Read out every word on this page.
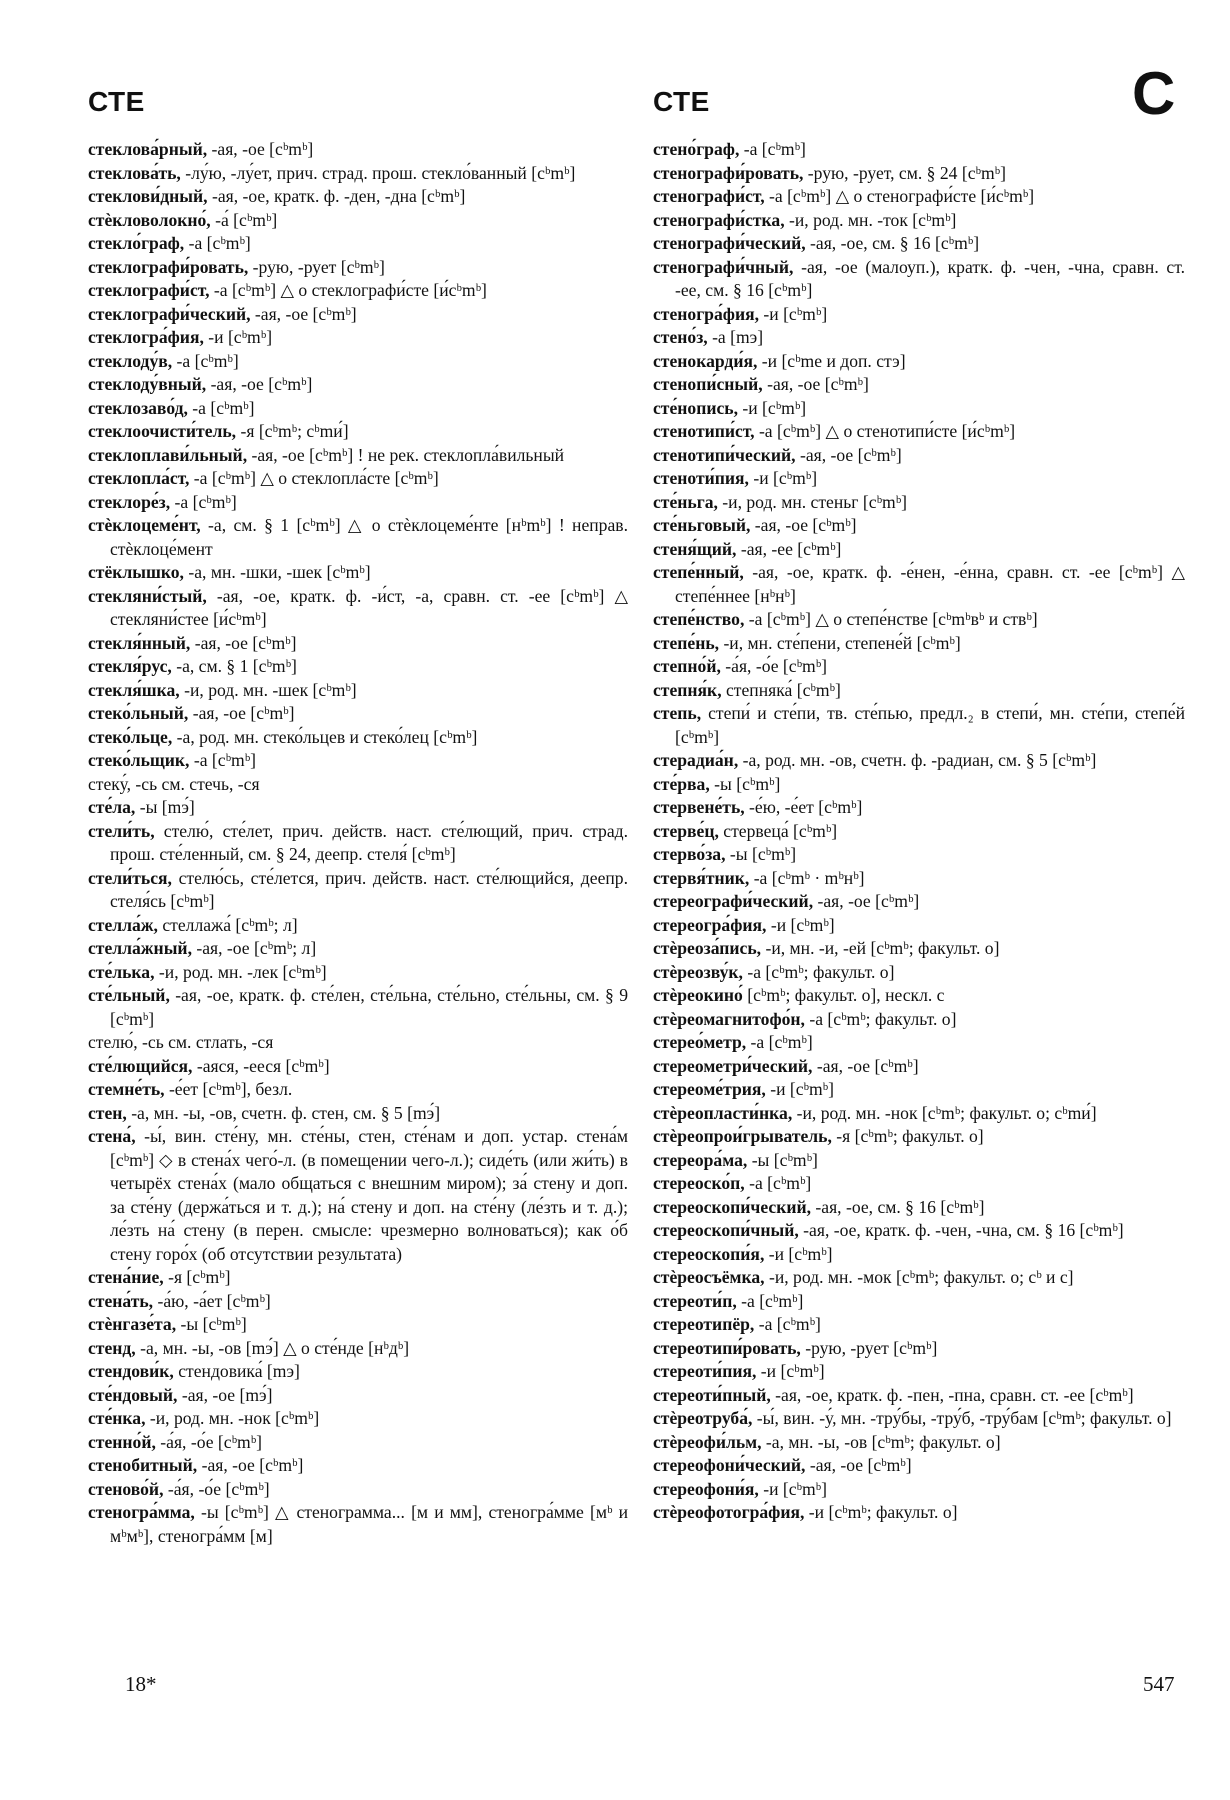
СТЕ	СТЕ	С

стеклова́рный, -ая, -ое [cᵇmᵇ]

стеклова́ть, -лу́ю, -лу́ет, прич. страд. прош. стекло́ванный [cᵇmᵇ]

стеклови́дный, -ая, -ое, кратк. ф. -ден, -дна [cᵇmᵇ]

стѐкловолокно́, -а́ [cᵇmᵇ]

стекло́граф, -а [cᵇmᵇ]

стеклографи́ровать, -рую, -рует [cᵇmᵇ]

стеклографи́ст, -а [cᵇmᵇ] △ о стеклографи́сте [и́cᵇmᵇ]

стеклографи́ческий, -ая, -ое [cᵇmᵇ]

стеклогра́фия, -и [cᵇmᵇ]

стеклоду́в, -а [cᵇmᵇ]

стеклоду́вный, -ая, -ое [cᵇmᵇ]

стеклозаво́д, -а [cᵇmᵇ]

стеклоочисти́тель, -я [cᵇmᵇ; cᵇmи́]

стеклоплави́льный, -ая, -ое [cᵇmᵇ] ! не рек. стеклопла́вильный

стеклопла́ст, -а [cᵇmᵇ] △ о стеклопла́сте [cᵇmᵇ]

стеклоре́з, -а [cᵇmᵇ]

стѐклоцеме́нт, -а, см. § 1 [cᵇmᵇ] △ о стѐклоцеме́нте [нᵇmᵇ] ! неправ. стѐклоце́мент

стёклышко, -а, мн. -шки, -шек [cᵇmᵇ]

стекляни́стый, -ая, -ое, кратк. ф. -и́ст, -а, сравн. ст. -ее [cᵇmᵇ] △ стекляни́стее [и́cᵇmᵇ]

стекля́нный, -ая, -ое [cᵇmᵇ]

стекля́рус, -а, см. § 1 [cᵇmᵇ]

стекля́шка, -и, род. мн. -шек [cᵇmᵇ]

стеко́льный, -ая, -ое [cᵇmᵇ]

стеко́льце, -а, род. мн. стеко́льцев и стеко́лец [cᵇmᵇ]

стеко́льщик, -а [cᵇmᵇ]

стеку́, -сь см. стечь, -ся

сте́ла, -ы [mэ́]

стели́ть, стелю́, сте́лет, прич. действ. наст. сте́лющий, прич. страд. прош. сте́ленный, см. § 24, деепр. стеля́ [cᵇmᵇ]

стели́ться, стелю́сь, сте́лется, прич. действ. наст. сте́лющийся, деепр. стеля́сь [cᵇmᵇ]

стелла́ж, стеллажа́ [cᵇmᵇ; л]

стелла́жный, -ая, -ое [cᵇmᵇ; л]

сте́лька, -и, род. мн. -лек [cᵇmᵇ]

сте́льный, -ая, -ое, кратк. ф. сте́лен, сте́льна, сте́льно, сте́льны, см. § 9 [cᵇmᵇ]

стелю́, -сь см. стлать, -ся

сте́лющийся, -аяся, -ееся [cᵇmᵇ]

стемне́ть, -е́ет [cᵇmᵇ], безл.

стен, -а, мн. -ы, -ов, счетн. ф. стен, см. § 5 [mэ́]

стена́, -ы́, вин. сте́ну, мн. сте́ны, стен, сте́нам и доп. устар. стена́м [cᵇmᵇ] ◇ в стена́х чего́-л. (в помещении чего-л.); сиде́ть (или жи́ть) в четырёх стена́х (мало общаться с внешним миром); за́ стену и доп. за сте́ну (держа́ться и т. д.); на́ стену и доп. на сте́ну (ле́зть и т. д.); ле́зть на́ стену (в перен. смысле: чрезмерно волноваться); как о́б стену горо́х (об отсутствии результата)

стена́ние, -я [cᵇmᵇ]

стена́ть, -а́ю, -а́ет [cᵇmᵇ]

стѐнгазе́та, -ы [cᵇmᵇ]

стенд, -а, мн. -ы, -ов [mэ́] △ о сте́нде [нᵇдᵇ]

стендови́к, стендовика́ [mэ]

сте́ндовый, -ая, -ое [mэ́]

сте́нка, -и, род. мн. -нок [cᵇmᵇ]

стенно́й, -а́я, -о́е [cᵇmᵇ]

стенобитный, -ая, -ое [cᵇmᵇ]

стеново́й, -а́я, -о́е [cᵇmᵇ]

стеногра́мма, -ы [cᵇmᵇ] △ стенограмма... [м и мм], стеногра́мме [мᵇ и мᵇмᵇ], стеногра́мм [м]

стено́граф, -а [cᵇmᵇ]

стенографи́ровать, -рую, -рует, см. § 24 [cᵇmᵇ]

стенографи́ст, -а [cᵇmᵇ] △ о стенографи́сте [и́cᵇmᵇ]

стенографи́стка, -и, род. мн. -ток [cᵇmᵇ]

стенографи́ческий, -ая, -ое, см. § 16 [cᵇmᵇ]

стенографи́чный, -ая, -ое (малоуп.), кратк. ф. -чен, -чна, сравн. ст. -ее, см. § 16 [cᵇmᵇ]

стеногра́фия, -и [cᵇmᵇ]

стено́з, -а [mэ]

стенокарди́я, -и [cᵇmе и доп. стэ]

стенопи́сный, -ая, -ое [cᵇmᵇ]

сте́нопись, -и [cᵇmᵇ]

стенотипи́ст, -а [cᵇmᵇ] △ о стенотипи́сте [и́cᵇmᵇ]

стенотипи́ческий, -ая, -ое [cᵇmᵇ]

стеноти́пия, -и [cᵇmᵇ]

сте́ньга, -и, род. мн. стеньг [cᵇmᵇ]

сте́ньговый, -ая, -ое [cᵇmᵇ]

стеня́щий, -ая, -ее [cᵇmᵇ]

степе́нный, -ая, -ое, кратк. ф. -е́нен, -е́нна, сравн. ст. -ее [cᵇmᵇ] △ степе́ннее [нᵇнᵇ]

степе́нство, -а [cᵇmᵇ] △ о степе́нстве [cᵇmᵇвᵇ и ствᵇ]

степе́нь, -и, мн. сте́пени, степене́й [cᵇmᵇ]

степно́й, -а́я, -о́е [cᵇmᵇ]

степня́к, степняка́ [cᵇmᵇ]

степь, степи́ и сте́пи, тв. сте́пью, предл.₂ в степи́, мн. сте́пи, степе́й [cᵇmᵇ]

стерадиа́н, -а, род. мн. -ов, счетн. ф. -радиан, см. § 5 [cᵇmᵇ]

сте́рва, -ы [cᵇmᵇ]

стервене́ть, -е́ю, -е́ет [cᵇmᵇ]

стерве́ц, стервеца́ [cᵇmᵇ]

стерво́за, -ы [cᵇmᵇ]

стервя́тник, -а [cᵇmᵇ · mᵇнᵇ]

стереографи́ческий, -ая, -ое [cᵇmᵇ]

стереогра́фия, -и [cᵇmᵇ]

стѐреоза́пись, -и, мн. -и, -ей [cᵇmᵇ; факульт. о]

стѐреозву́к, -а [cᵇmᵇ; факульт. о]

стѐреокино́ [cᵇmᵇ; факульт. о], нескл. с

стѐреомагнитофо́н, -а [cᵇmᵇ; факульт. о]

стерео́метр, -а [cᵇmᵇ]

стереометри́ческий, -ая, -ое [cᵇmᵇ]

стереоме́трия, -и [cᵇmᵇ]

стѐреопласти́нка, -и, род. мн. -нок [cᵇmᵇ; факульт. о; cᵇmи́]

стѐреопрои́грыватель, -я [cᵇmᵇ; факульт. о]

стереора́ма, -ы [cᵇmᵇ]

стереоско́п, -а [cᵇmᵇ]

стереоскопи́ческий, -ая, -ое, см. § 16 [cᵇmᵇ]

стереоскопи́чный, -ая, -ое, кратк. ф. -чен, -чна, см. § 16 [cᵇmᵇ]

стереоскопи́я, -и [cᵇmᵇ]

стѐреосъёмка, -и, род. мн. -мок [cᵇmᵇ; факульт. о; cᵇ и с]

стереоти́п, -а [cᵇmᵇ]

стереотипёр, -а [cᵇmᵇ]

стереотипи́ровать, -рую, -рует [cᵇmᵇ]

стереоти́пия, -и [cᵇmᵇ]

стереоти́пный, -ая, -ое, кратк. ф. -пен, -пна, сравн. ст. -ее [cᵇmᵇ]

стѐреотруба́, -ы́, вин. -у́, мн. -тру́бы, -тру́б, -тру́бам [cᵇmᵇ; факульт. о]

стѐреофи́льм, -а, мн. -ы, -ов [cᵇmᵇ; факульт. о]

стереофони́ческий, -ая, -ое [cᵇmᵇ]

стереофони́я, -и [cᵇmᵇ]

стѐреофотогра́фия, -и [cᵇmᵇ; факульт. о]

18*	547
